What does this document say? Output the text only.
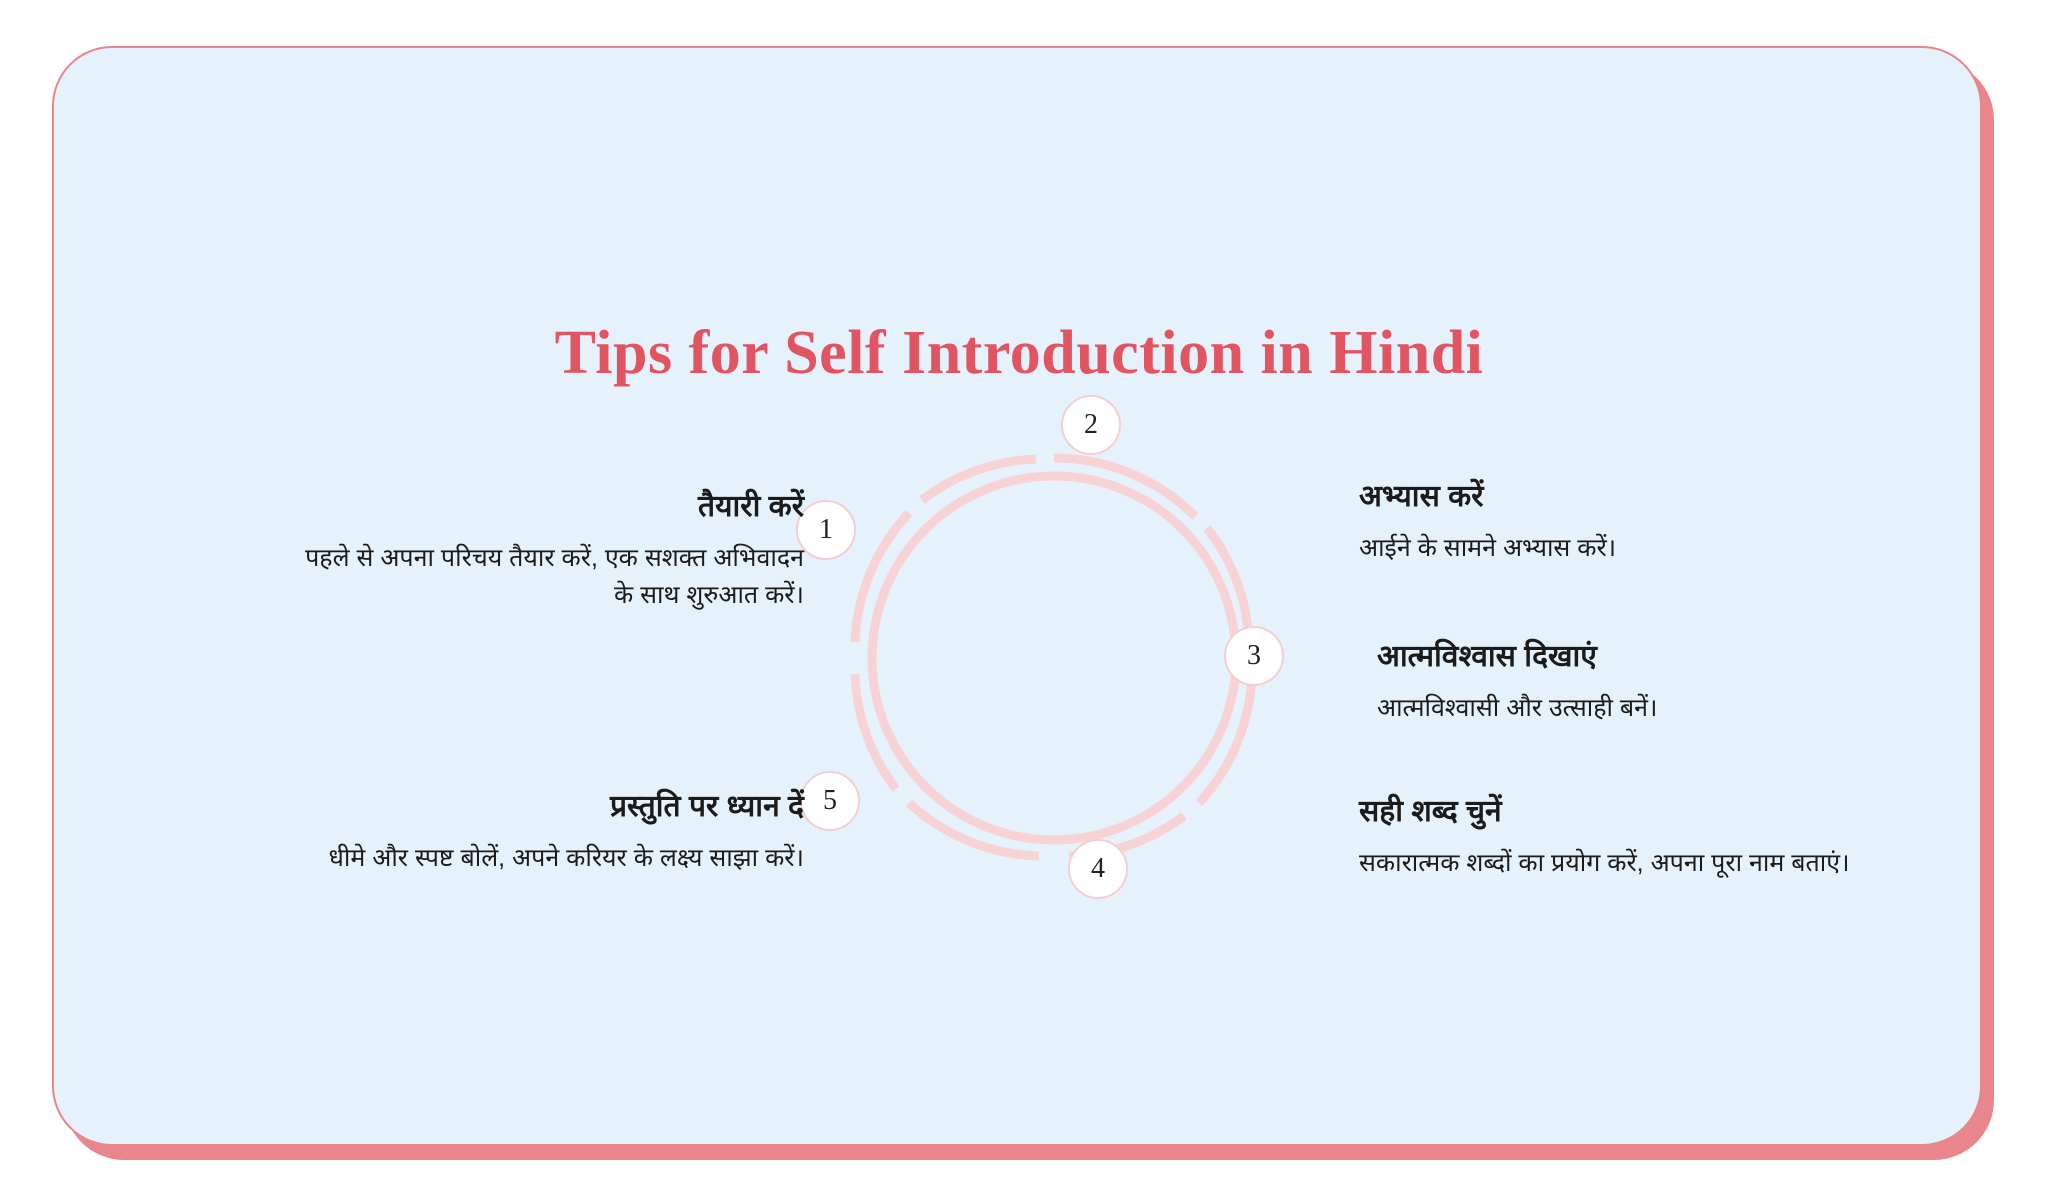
Tips for Self Introduction in Hindi
1
2
3
4
5
तैयारी करें

पहले से अपना परिचय तैयार करें, एक सशक्त अभिवादन के साथ शुरुआत करें।

प्रस्तुति पर ध्यान दें

धीमे और स्पष्ट बोलें, अपने करियर के लक्ष्य साझा करें।

अभ्यास करें

आईने के सामने अभ्यास करें।

आत्मविश्वास दिखाएं

आत्मविश्वासी और उत्साही बनें।

सही शब्द चुनें

सकारात्मक शब्दों का प्रयोग करें, अपना पूरा नाम बताएं।
